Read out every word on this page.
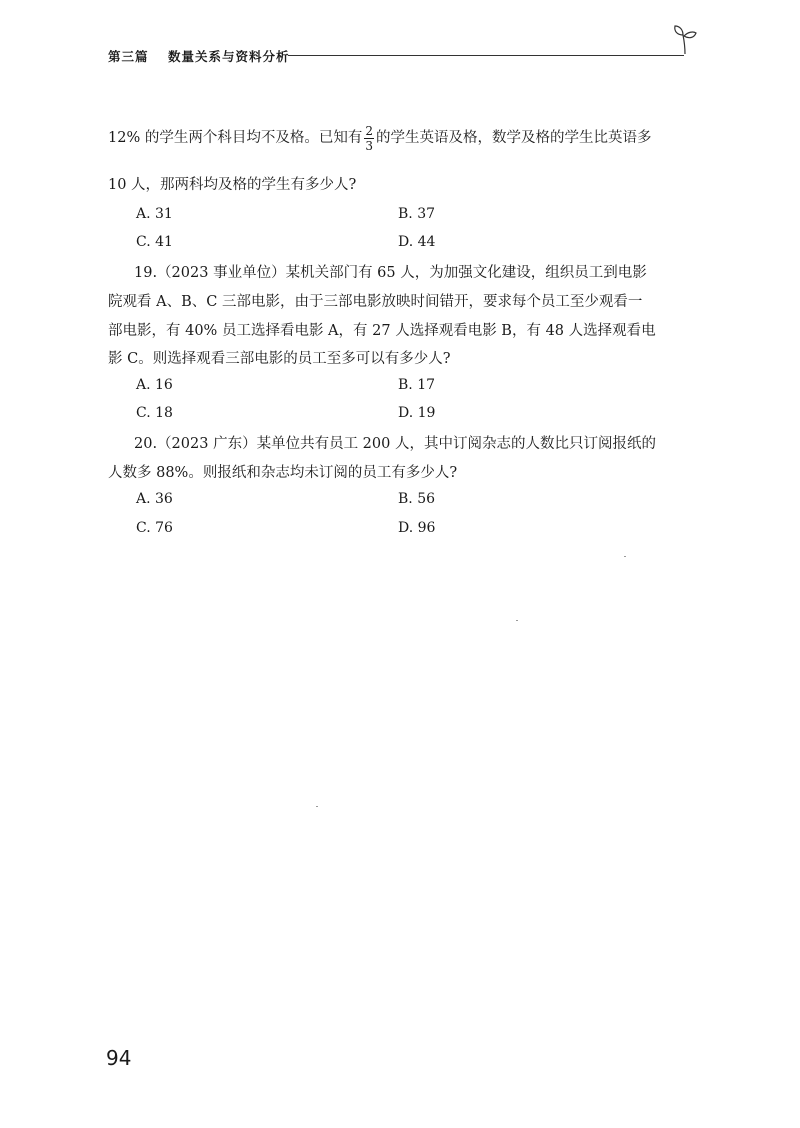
第三篇 数量关系与资料分析

12% 的学生两个科目均不及格。已知有 $\frac{2}{3}$ 的学生英语及格，数学及格的学生比英语多

10 人，那两科均及格的学生有多少人?

A. 31	B. 37
C. 41	D. 44

19.（2023 事业单位）某机关部门有 65 人，为加强文化建设，组织员工到电影

院观看 A、B、C 三部电影，由于三部电影放映时间错开，要求每个员工至少观看一

部电影，有 40% 员工选择看电影 A，有 27 人选择观看电影 B，有 48 人选择观看电

影 C。则选择观看三部电影的员工至多可以有多少人?

A. 16	B. 17
C. 18	D. 19

20.（2023 广东）某单位共有员工 200 人，其中订阅杂志的人数比只订阅报纸的

人数多 88%。则报纸和杂志均未订阅的员工有多少人?

A. 36	B. 56
C. 76	D. 96
94
